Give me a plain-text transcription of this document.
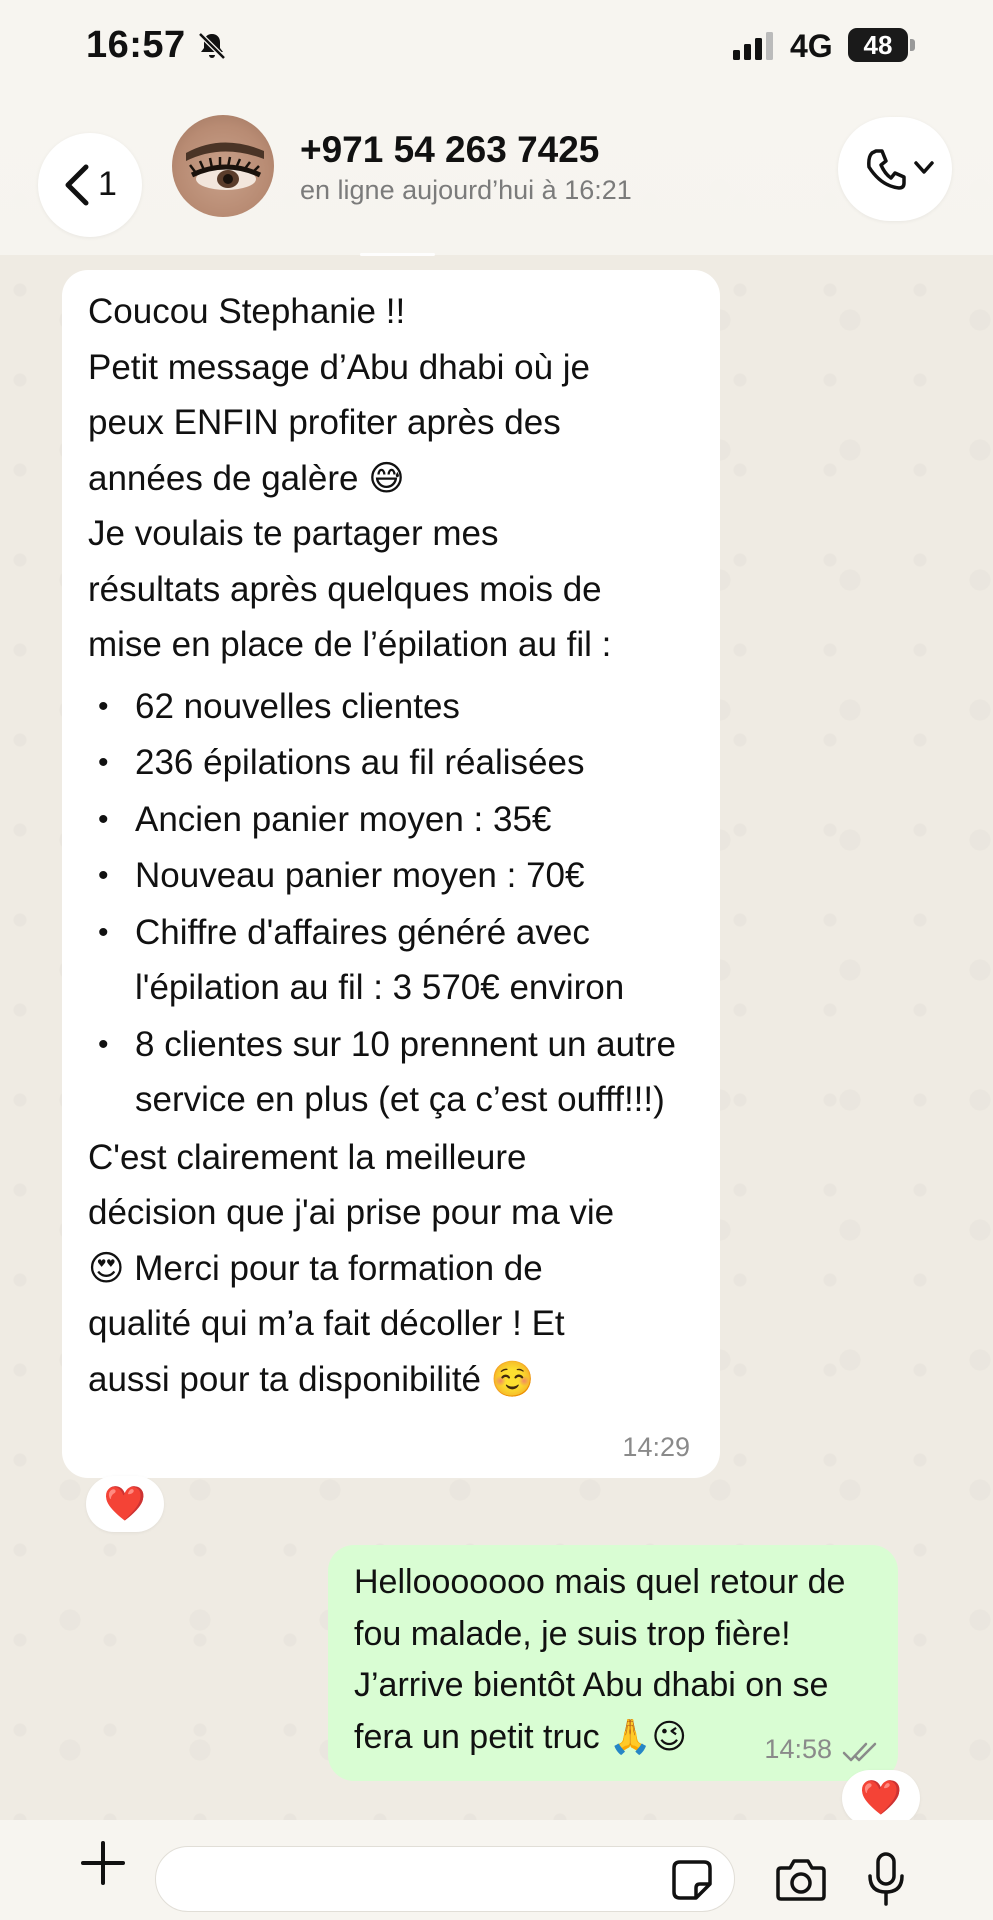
16:57	4G	48
1
+971 54 263 7425
en ligne aujourd’hui à 16:21
Coucou Stephanie !!
Petit message d’Abu dhabi où je
peux ENFIN profiter après des
années de galère 😅
Je voulais te partager mes
résultats après quelques mois de
mise en place de l’épilation au fil :
• 62 nouvelles clientes
• 236 épilations au fil réalisées
• Ancien panier moyen : 35€
• Nouveau panier moyen : 70€
• Chiffre d'affaires généré avec l'épilation au fil : 3 570€ environ
• 8 clientes sur 10 prennent un autre service en plus (et ça c’est oufff!!!)
C'est clairement la meilleure
décision que j'ai prise pour ma vie
😍 Merci pour ta formation de
qualité qui m’a fait décoller ! Et
aussi pour ta disponibilité ☺️
14:29
❤️
Hellooooooo mais quel retour de
fou malade, je suis trop fière!
J’arrive bientôt Abu dhabi on se
fera un petit truc 🙏😉	14:58
❤️
